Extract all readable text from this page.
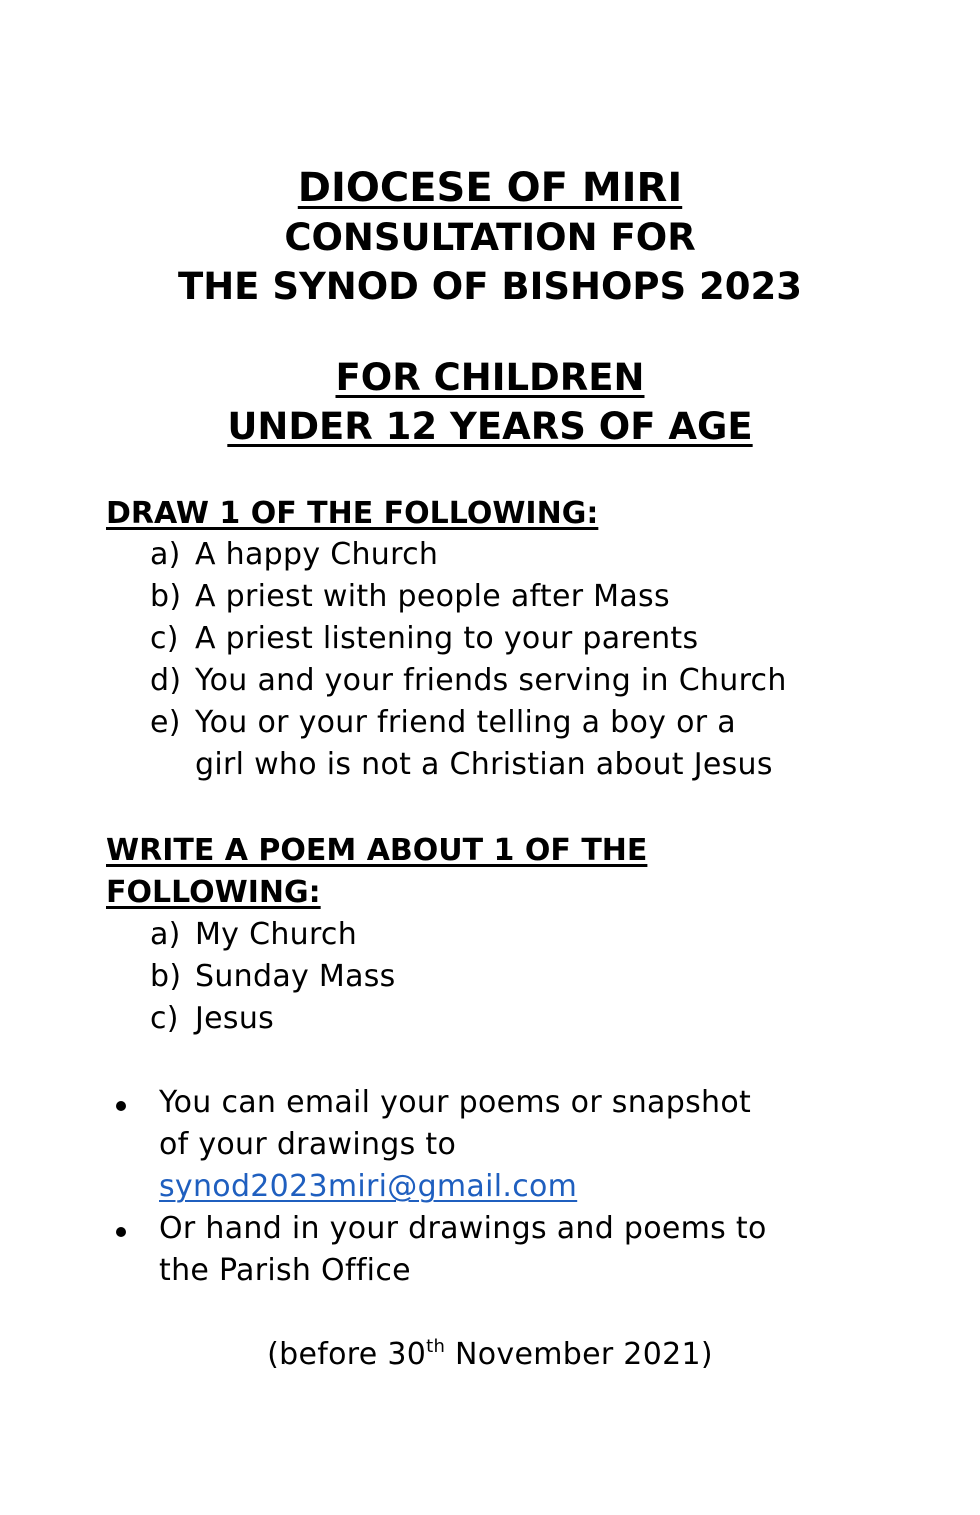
DIOCESE OF MIRI
CONSULTATION FOR
THE SYNOD OF BISHOPS 2023
FOR CHILDREN
UNDER 12 YEARS OF AGE
DRAW 1 OF THE FOLLOWING:
a) A happy Church
b) A priest with people after Mass
c) A priest listening to your parents
d) You and your friends serving in Church
e) You or your friend telling a boy or a
girl who is not a Christian about Jesus
WRITE A POEM ABOUT 1 OF THE
FOLLOWING:
a) My Church
b) Sunday Mass
c) Jesus
You can email your poems or snapshot
of your drawings to
synod2023miri@gmail.com
Or hand in your drawings and poems to
the Parish Office
(before 30th November 2021)
